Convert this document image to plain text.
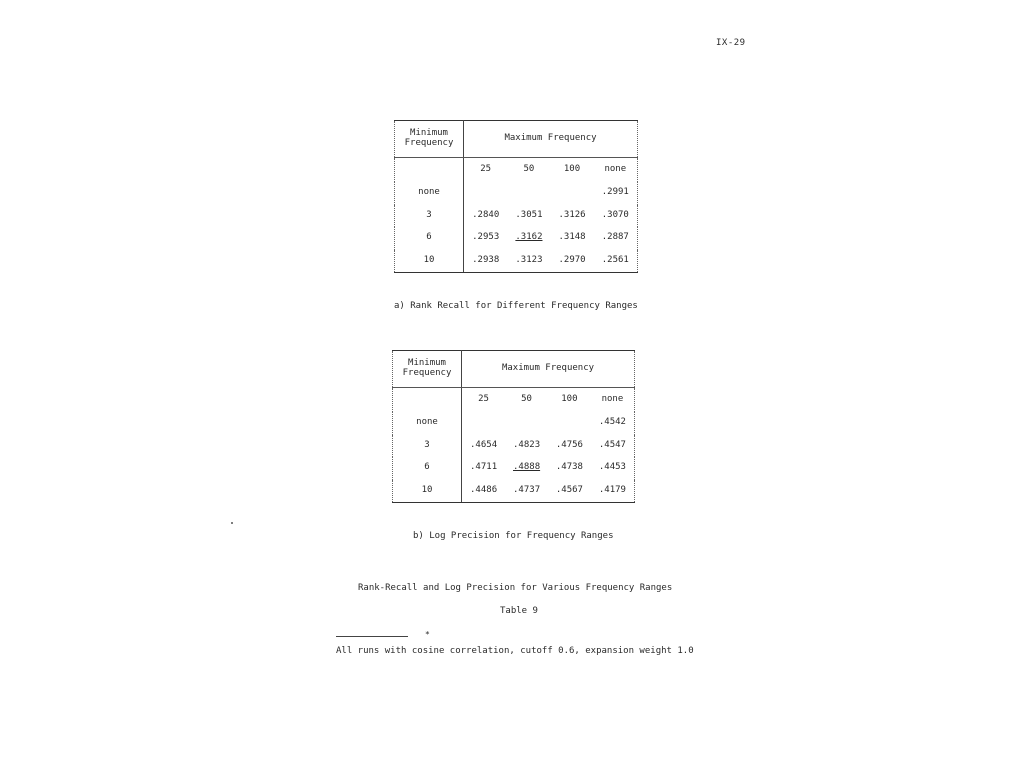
IX-29
Minimum
Frequency	Maximum Frequency			
	25	50	100	none
none				.2991
3	.2840	.3051	.3126	.3070
6	.2953	.3162	.3148	.2887
10	.2938	.3123	.2970	.2561
a) Rank Recall for Different Frequency Ranges
Minimum
Frequency	Maximum Frequency			
	25	50	100	none
none				.4542
3	.4654	.4823	.4756	.4547
6	.4711	.4888	.4738	.4453
10	.4486	.4737	.4567	.4179
b) Log Precision for Frequency Ranges
Rank-Recall and Log Precision for Various Frequency Ranges
Table 9
*
All runs with cosine correlation, cutoff 0.6, expansion weight 1.0
